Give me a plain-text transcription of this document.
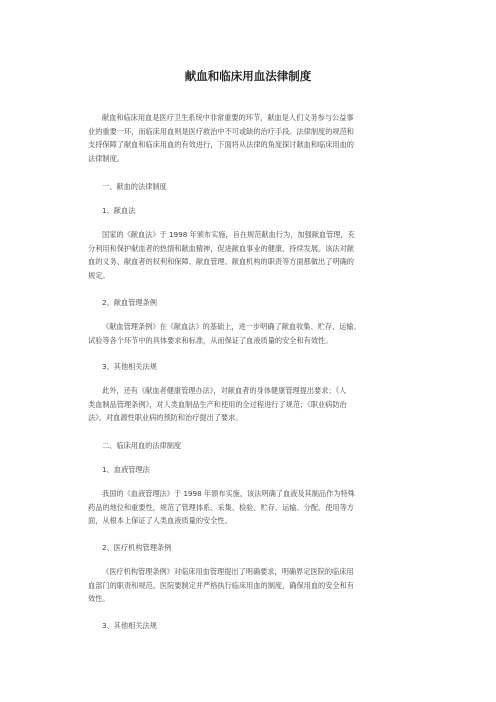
献血和临床用血法律制度
献血和临床用血是医疗卫生系统中非常重要的环节，献血是人们义务参与公益事
业的重要一环，而临床用血则是医疗救治中不可或缺的治疗手段。法律制度的规范和
支持保障了献血和临床用血的有效进行，下面将从法律的角度探讨献血和临床用血的
法律制度。
一、献血的法律制度
1、献血法
国家的《献血法》于 1998 年颁布实施，旨在规范献血行为，加强献血管理，充
分利用和保护献血者的热情和献血精神，促进献血事业的健康、持续发展。该法对献
血的义务、献血者的权利和保障、献血管理、献血机构的职责等方面都做出了明确的
规定。
2、献血管理条例
《献血管理条例》在《献血法》的基础上，进一步明确了献血收集、贮存、运输、
试验等各个环节中的具体要求和标准，从而保证了血液质量的安全和有效性。
3、其他相关法规
此外，还有《献血者健康管理办法》，对献血者的身体健康管理提出要求；《人
类血制品管理条例》，对人类血制品生产和使用的全过程进行了规范；《职业病防治
法》，对血源性职业病的预防和治疗提出了要求。
二、临床用血的法律制度
1、血液管理法
我国的《血液管理法》于 1998 年颁布实施，该法明确了血液及其制品作为特殊
药品的地位和重要性，规范了管理体系、采集、检验、贮存、运输、分配、使用等方
面，从根本上保证了人类血液质量的安全性。
2、医疗机构管理条例
《医疗机构管理条例》对临床用血管理提出了明确要求，明确界定医院的临床用
血部门的职责和规范。医院要制定并严格执行临床用血的制度，确保用血的安全和有
效性。
3、其他相关法规
